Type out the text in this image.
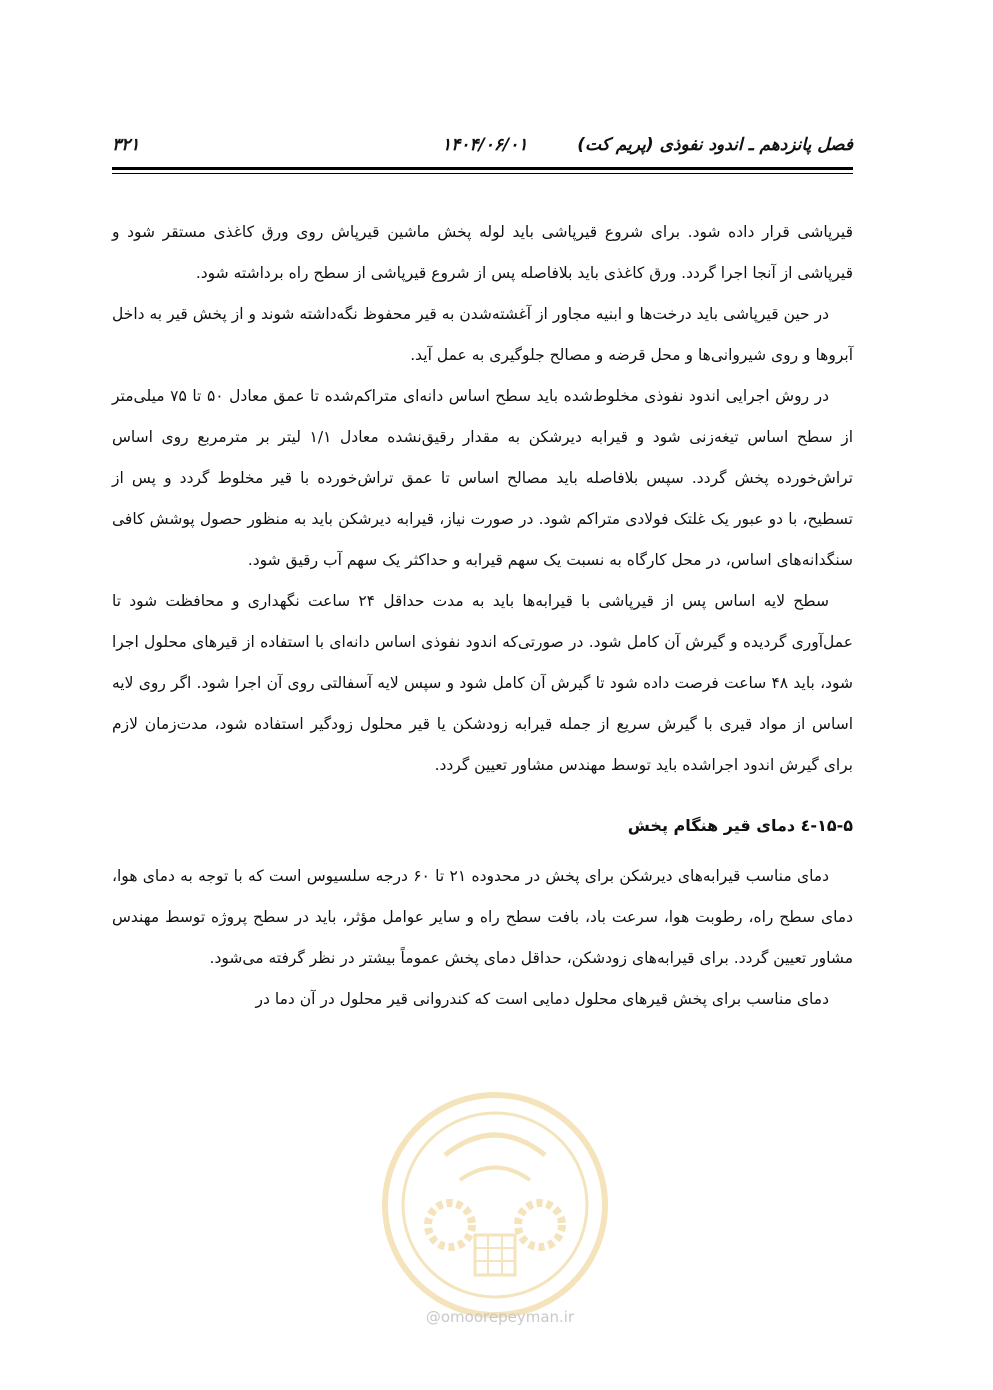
۳۲۱	۱۴۰۴/۰۶/۰۱	فصل پانزدهم ـ اندود نفوذی (پریم کت)

قیرپاشی قرار داده شود. برای شروع قیرپاشی باید لوله پخش ماشین قیرپاش روی ورق کاغذی مستقر شود و قیرپاشی از آنجا اجرا گردد. ورق کاغذی باید بلافاصله پس از شروع قیرپاشی از سطح راه برداشته شود.

در حین قیرپاشی باید درخت‌ها و ابنیه مجاور از آغشته‌شدن به قیر محفوظ نگه‌داشته شوند و از پخش قیر به داخل آبروها و روی شیروانی‌ها و محل قرضه و مصالح جلوگیری به عمل آید.

در روش اجرایی اندود نفوذی مخلوط‌شده باید سطح اساس دانه‌ای متراکم‌شده تا عمق معادل ۵۰ تا ۷۵ میلی‌متر از سطح اساس تیغه‌زنی شود و قیرابه دیرشکن به مقدار رقیق‌نشده معادل ۱/۱ لیتر بر مترمربع روی اساس تراش‌خورده پخش گردد. سپس بلافاصله باید مصالح اساس تا عمق تراش‌خورده با قیر مخلوط گردد و پس از تسطیح، با دو عبور یک غلتک فولادی متراکم شود. در صورت نیاز، قیرابه دیرشکن باید به منظور حصول پوشش کافی سنگدانه‌های اساس، در محل کارگاه به نسبت یک سهم قیرابه و حداکثر یک سهم آب رقیق شود.

سطح لایه اساس پس از قیرپاشی با قیرابه‌ها باید به مدت حداقل ۲۴ ساعت نگهداری و محافظت شود تا عمل‌آوری گردیده و گیرش آن کامل شود. در صورتی‌که اندود نفوذی اساس دانه‌ای با استفاده از قیرهای محلول اجرا شود، باید ۴۸ ساعت فرصت داده شود تا گیرش آن کامل شود و سپس لایه آسفالتی روی آن اجرا شود. اگر روی لایه اساس از مواد قیری با گیرش سریع از جمله قیرابه زودشکن یا قیر محلول زودگیر استفاده شود، مدت‌زمان لازم برای گیرش اندود اجراشده باید توسط مهندس مشاور تعیین گردد.

۱۵-۵-٤ دمای قیر هنگام پخش

دمای مناسب قیرابه‌های دیرشکن برای پخش در محدوده ۲۱ تا ۶۰ درجه سلسیوس است که با توجه به دمای هوا، دمای سطح راه، رطوبت هوا، سرعت باد، بافت سطح راه و سایر عوامل مؤثر، باید در سطح پروژه توسط مهندس مشاور تعیین گردد. برای قیرابه‌های زودشکن، حداقل دمای پخش عموماً بیشتر در نظر گرفته می‌شود.

دمای مناسب برای پخش قیرهای محلول دمایی است که کندروانی قیر محلول در آن دما در

@omoorepeyman.ir
